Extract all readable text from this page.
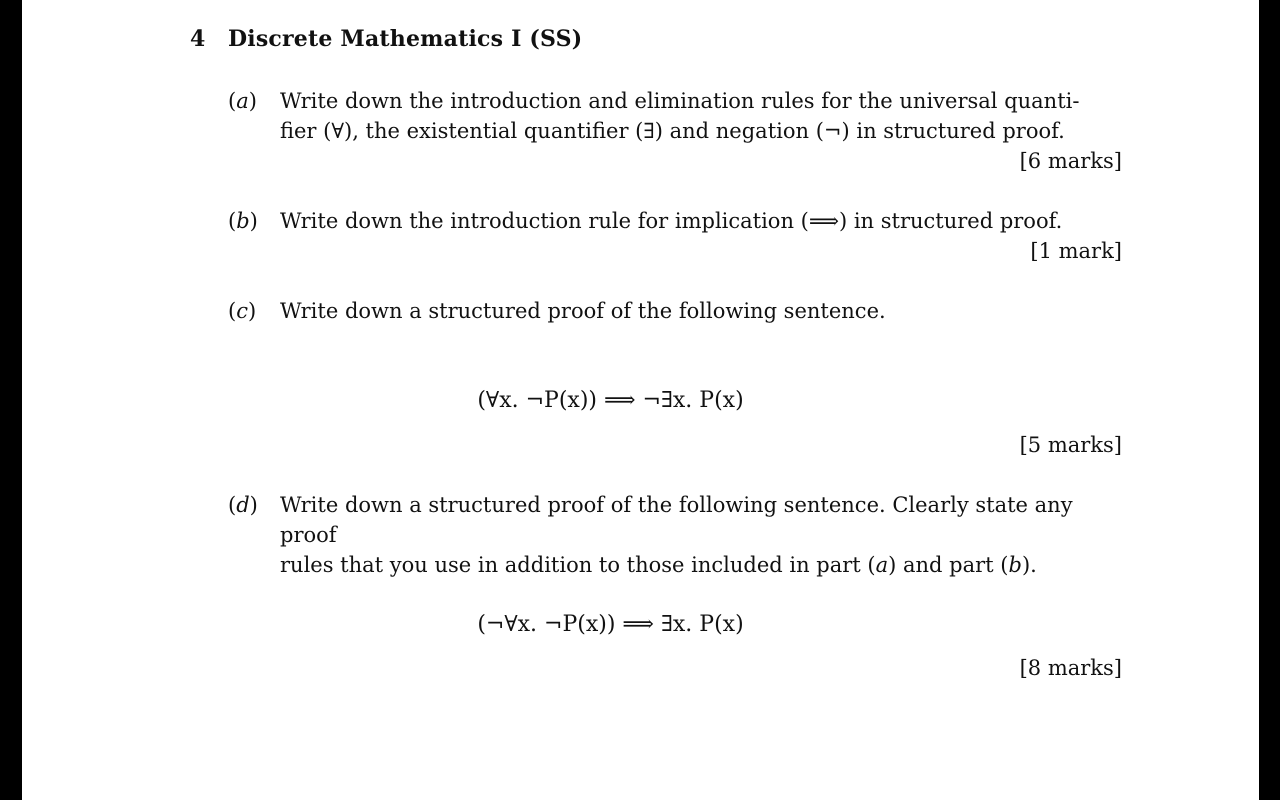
4 Discrete Mathematics I (SS)
(a) Write down the introduction and elimination rules for the universal quanti-
fier (∀), the existential quantifier (∃) and negation (¬) in structured proof.
[6 marks]
(b) Write down the introduction rule for implication (⟹) in structured proof.
[1 mark]
(c) Write down a structured proof of the following sentence.
(∀x. ¬P(x)) ⟹ ¬∃x. P(x)
[5 marks]
(d) Write down a structured proof of the following sentence. Clearly state any proof
rules that you use in addition to those included in part (a) and part (b).
(¬∀x. ¬P(x)) ⟹ ∃x. P(x)
[8 marks]
